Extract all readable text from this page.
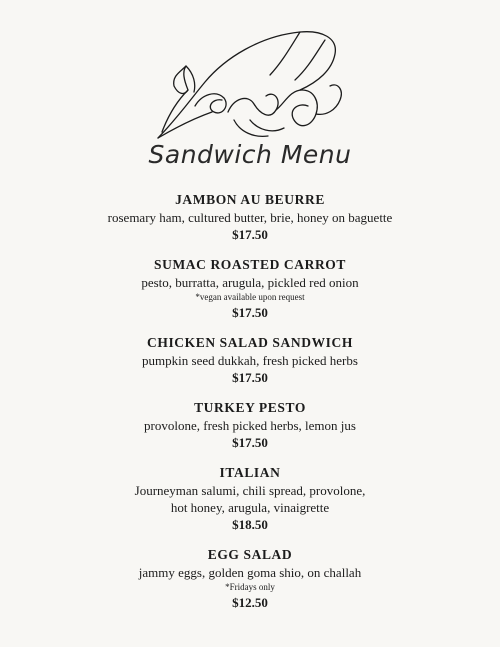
Sandwich Menu
JAMBON AU BEURRE
rosemary ham, cultured butter, brie, honey on baguette
$17.50
SUMAC ROASTED CARROT
pesto, burratta, arugula, pickled red onion
*vegan available upon request
$17.50
CHICKEN SALAD SANDWICH
pumpkin seed dukkah, fresh picked herbs
$17.50
TURKEY PESTO
provolone, fresh picked herbs, lemon jus
$17.50
ITALIAN
Journeyman salumi, chili spread, provolone,
hot honey, arugula, vinaigrette
$18.50
EGG SALAD
jammy eggs, golden goma shio, on challah
*Fridays only
$12.50
